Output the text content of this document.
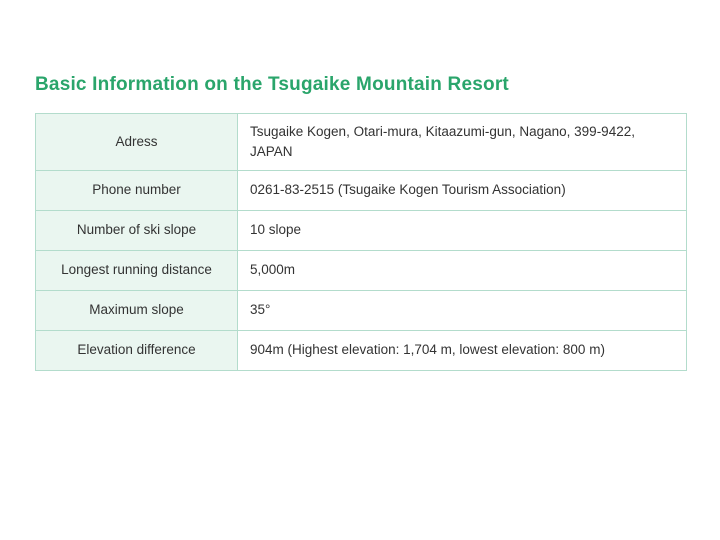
Basic Information on the Tsugaike Mountain Resort
Adress	Tsugaike Kogen, Otari-mura, Kitaazumi-gun, Nagano, 399-9422, JAPAN
Phone number	0261-83-2515 (Tsugaike Kogen Tourism Association)
Number of ski slope	10 slope
Longest running distance	5,000m
Maximum slope	35°
Elevation difference	904m (Highest elevation: 1,704 m, lowest elevation: 800 m)
